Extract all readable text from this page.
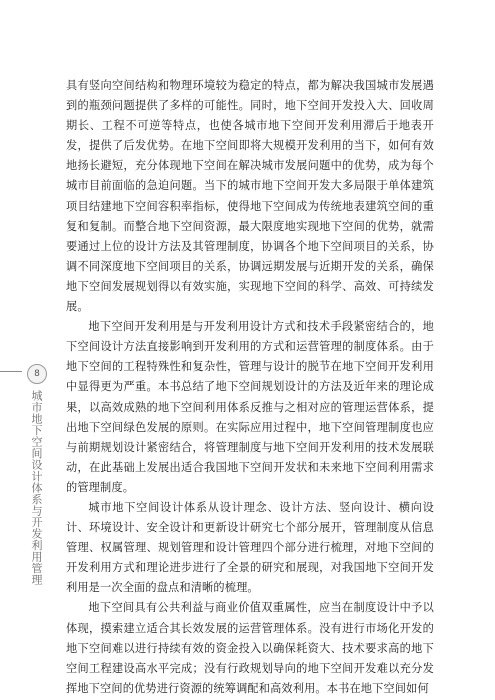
具有竖向空间结构和物理环境较为稳定的特点，都为解决我国城市发展遇到的瓶颈问题提供了多样的可能性。同时，地下空间开发投入大、回收周期长、工程不可逆等特点，也使各城市地下空间开发利用滞后于地表开发，提供了后发优势。在地下空间即将大规模开发利用的当下，如何有效地扬长避短，充分体现地下空间在解决城市发展问题中的优势，成为每个城市目前面临的急迫问题。当下的城市地下空间开发大多局限于单体建筑项目结建地下空间容积率指标，使得地下空间成为传统地表建筑空间的重复和复制。而整合地下空间资源，最大限度地实现地下空间的优势，就需要通过上位的设计方法及其管理制度，协调各个地下空间项目的关系，协调不同深度地下空间项目的关系，协调远期发展与近期开发的关系，确保地下空间发展规划得以有效实施，实现地下空间的科学、高效、可持续发展。

地下空间开发利用是与开发利用设计方式和技术手段紧密结合的，地下空间设计方法直接影响到开发利用的方式和运营管理的制度体系。由于地下空间的工程特殊性和复杂性，管理与设计的脱节在地下空间开发利用中显得更为严重。本书总结了地下空间规划设计的方法及近年来的理论成果，以高效成熟的地下空间利用体系反推与之相对应的管理运营体系，提出地下空间绿色发展的原则。在实际应用过程中，地下空间管理制度也应与前期规划设计紧密结合，将管理制度与地下空间开发利用的技术发展联动，在此基础上发展出适合我国地下空间开发状和未来地下空间利用需求的管理制度。

城市地下空间设计体系从设计理念、设计方法、竖向设计、横向设计、环境设计、安全设计和更新设计研究七个部分展开，管理制度从信息管理、权属管理、规划管理和设计管理四个部分进行梳理，对地下空间的开发利用方式和理论进步进行了全景的研究和展现，对我国地下空间开发利用是一次全面的盘点和清晰的梳理。

地下空间具有公共利益与商业价值双重属性，应当在制度设计中予以体现，摸索建立适合其长效发展的运营管理体系。没有进行市场化开发的地下空间难以进行持续有效的资金投入以确保耗资大、技术要求高的地下空间工程建设高水平完成；没有行政规划导向的地下空间开发难以充分发挥地下空间的优势进行资源的统筹调配和高效利用。本书在地下空间如何

8
城市地下空间设计体系与开发利用管理
